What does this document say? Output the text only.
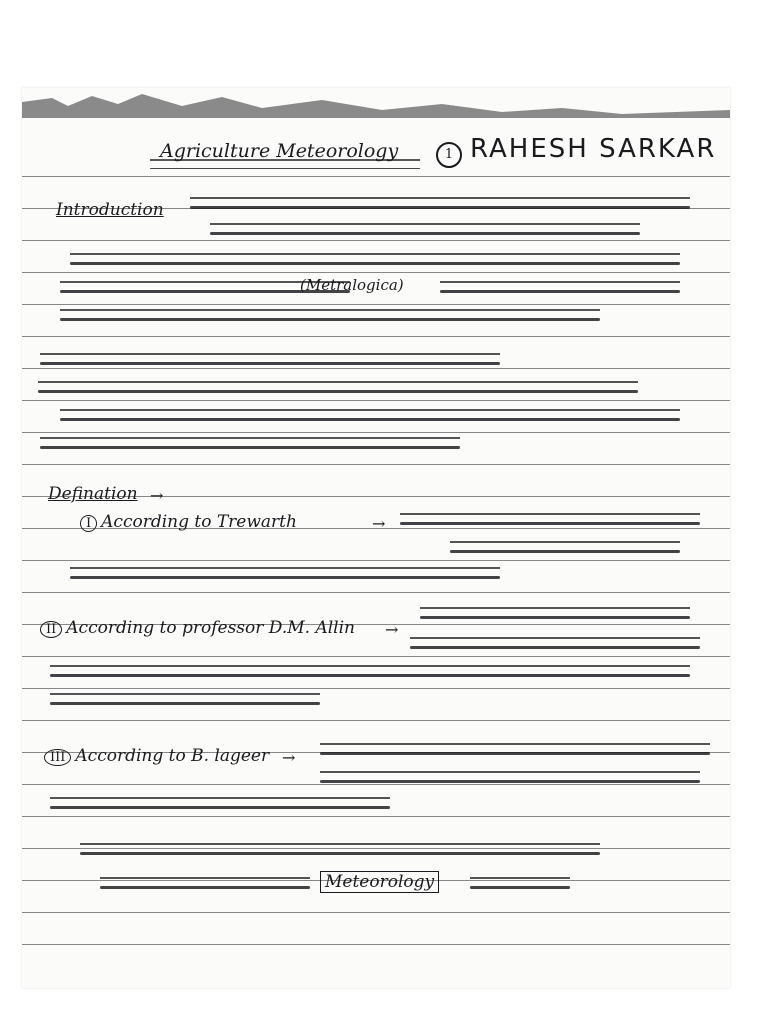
Agriculture Meteorology	1 RAHESH SARKAR
Introduction
(Metralogica)
Defination →
I According to Trewarth	→
II According to professor D.M. Allin →
III According to B. lageer →
Meteorology
